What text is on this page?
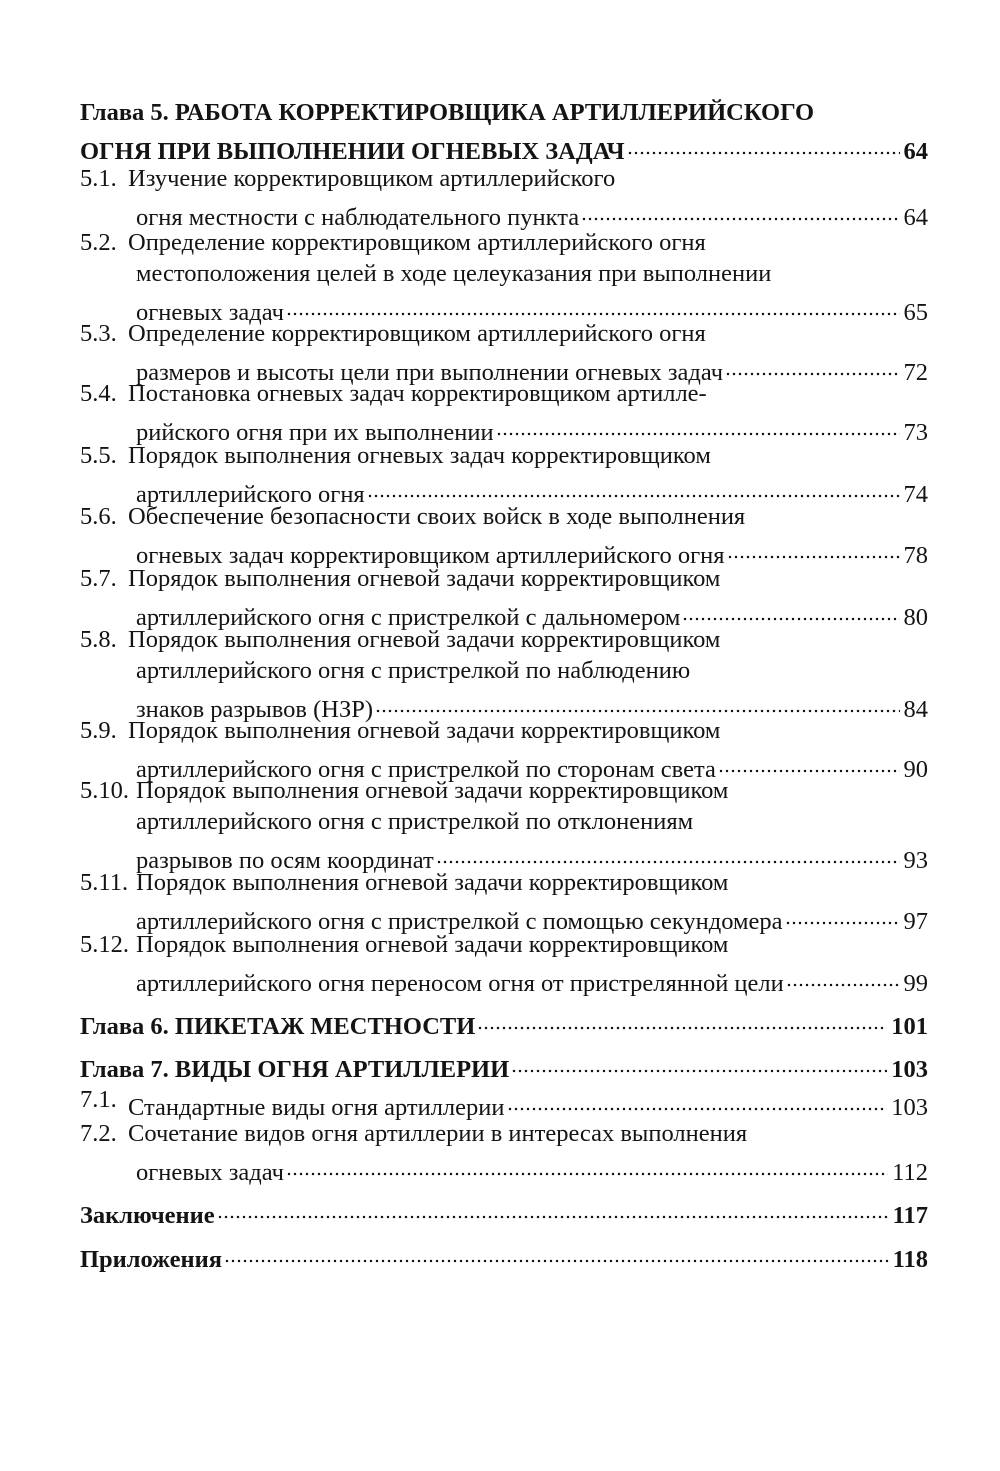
Глава 5. РАБОТА КОРРЕКТИРОВЩИКА АРТИЛЛЕРИЙСКОГО
ОГНЯ ПРИ ВЫПОЛНЕНИИ ОГНЕВЫХ ЗАДАЧ	64
5.1. Изучение корректировщиком артиллерийского
огня местности с наблюдательного пункта	64
5.2. Определение корректировщиком артиллерийского огня
местоположения целей в ходе целеуказания при выполнении
огневых задач	65
5.3. Определение корректировщиком артиллерийского огня
размеров и высоты цели при выполнении огневых задач	72
5.4. Постановка огневых задач корректировщиком артилле-
рийского огня при их выполнении	73
5.5. Порядок выполнения огневых задач корректировщиком
артиллерийского огня	74
5.6. Обеспечение безопасности своих войск в ходе выполнения
огневых задач корректировщиком артиллерийского огня	78
5.7. Порядок выполнения огневой задачи корректировщиком
артиллерийского огня с пристрелкой с дальномером	80
5.8. Порядок выполнения огневой задачи корректировщиком
артиллерийского огня с пристрелкой по наблюдению
знаков разрывов (НЗР)	84
5.9. Порядок выполнения огневой задачи корректировщиком
артиллерийского огня с пристрелкой по сторонам света	90
5.10. Порядок выполнения огневой задачи корректировщиком
артиллерийского огня с пристрелкой по отклонениям
разрывов по осям координат	93
5.11. Порядок выполнения огневой задачи корректировщиком
артиллерийского огня с пристрелкой с помощью секундомера	97
5.12. Порядок выполнения огневой задачи корректировщиком
артиллерийского огня переносом огня от пристрелянной цели	99
Глава 6. ПИКЕТАЖ МЕСТНОСТИ	101
Глава 7. ВИДЫ ОГНЯ АРТИЛЛЕРИИ	103
7.1. Стандартные виды огня артиллерии	103
7.2. Сочетание видов огня артиллерии в интересах выполнения
огневых задач	112
Заключение	117
Приложения	118
